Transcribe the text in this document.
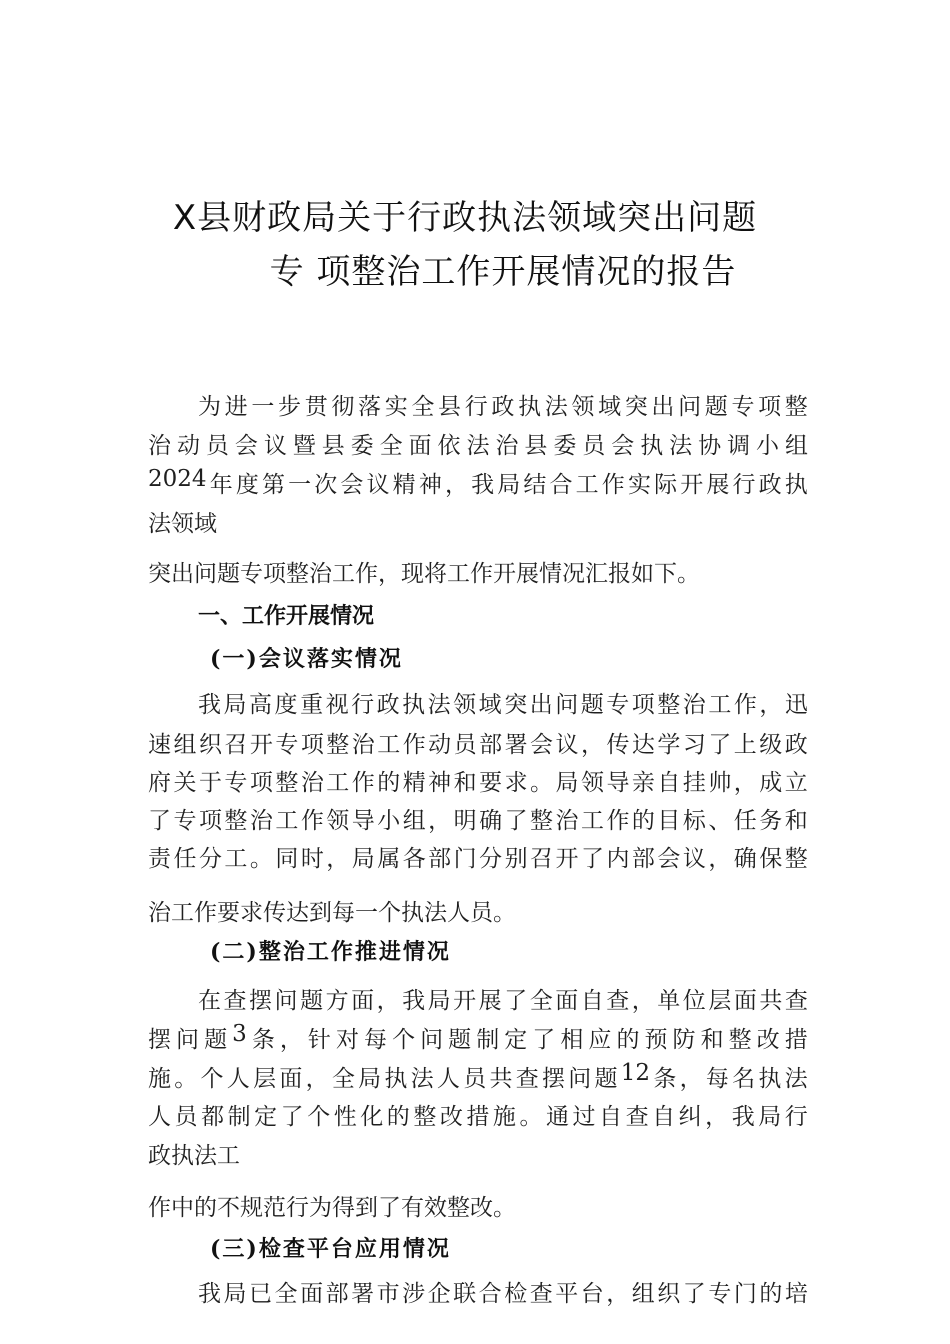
X县财政局关于行政执法领域突出问题
专 项整治工作开展情况的报告
为 进 一 步 贯 彻 落 实 全 县 行 政 执 法 领 域 突 出 问 题 专 项 整
治 动 员 会 议 暨 县 委 全 面 依 法 治 县 委 员 会 执 法 协 调 小 组
2024 年 度 第 一 次 会 议 精 神 ， 我 局 结 合 工 作 实 际 开 展 行 政 执
法领域
突出问题专项整治工作，现将工作开展情况汇报如下。
一、工作开展情况
(一)会议落实情况
我 局 高 度 重 视 行 政 执 法 领 域 突 出 问 题 专 项 整 治 工 作 ， 迅
速 组 织 召 开 专 项 整 治 工 作 动 员 部 署 会 议 ， 传 达 学 习 了 上 级 政
府 关 于 专 项 整 治 工 作 的 精 神 和 要 求 。 局 领 导 亲 自 挂 帅 ， 成 立
了 专 项 整 治 工 作 领 导 小 组 ， 明 确 了 整 治 工 作 的 目 标 、 任 务 和
责 任 分 工 。 同 时 ， 局 属 各 部 门 分 别 召 开 了 内 部 会 议 ， 确 保 整
治工作要求传达到每一个执法人员。
(二)整治工作推进情况
在 查 摆 问 题 方 面 ， 我 局 开 展 了 全 面 自 查 ， 单 位 层 面 共 查
摆 问 题 3 条 ， 针 对 每 个 问 题 制 定 了 相 应 的 预 防 和 整 改 措
施 。 个 人 层 面 ， 全 局 执 法 人 员 共 查 摆 问 题 12 条 ， 每 名 执 法
人 员 都 制 定 了 个 性 化 的 整 改 措 施 。 通 过 自 查 自 纠 ， 我 局 行
政执法工
作中的不规范行为得到了有效整改。
(三)检查平台应用情况
我 局 已 全 面 部 署 市 涉 企 联 合 检 查 平 台 ， 组 织 了 专 门 的 培
